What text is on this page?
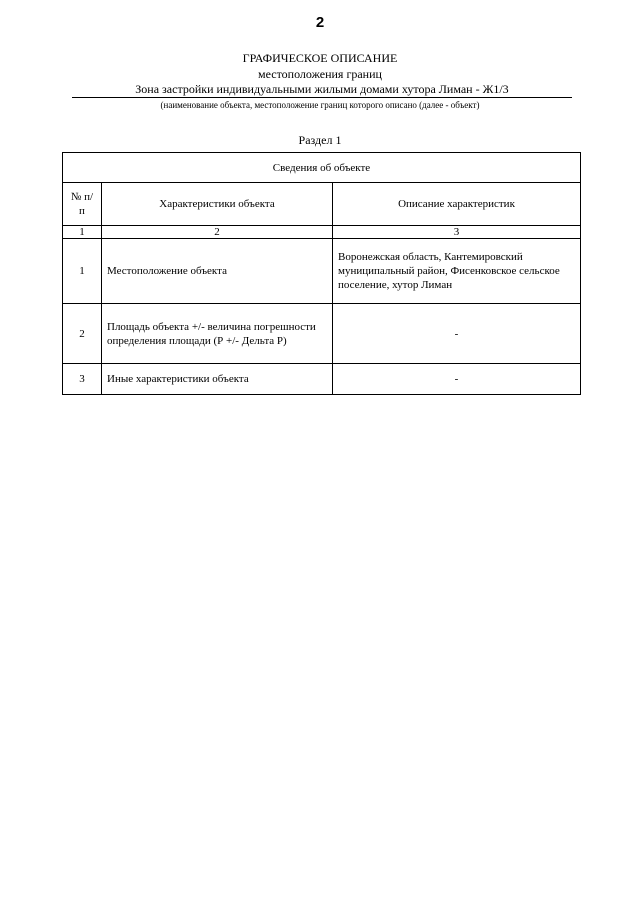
2
ГРАФИЧЕСКОЕ ОПИСАНИЕ
местоположения границ
Зона застройки индивидуальными жилыми домами хутора Лиман - Ж1/3
(наименование объекта, местоположение границ которого описано (далее - объект)
Раздел 1
Сведения об объекте		
№ п/п	Характеристики объекта	Описание характеристик
1	2	3
1	Местоположение объекта	Воронежская область, Кантемировский муниципальный район, Фисенковское сельское поселение, хутор Лиман
2	Площадь объекта +/- величина погрешности определения площади (Р +/- Дельта Р)	-
3	Иные характеристики объекта	-
